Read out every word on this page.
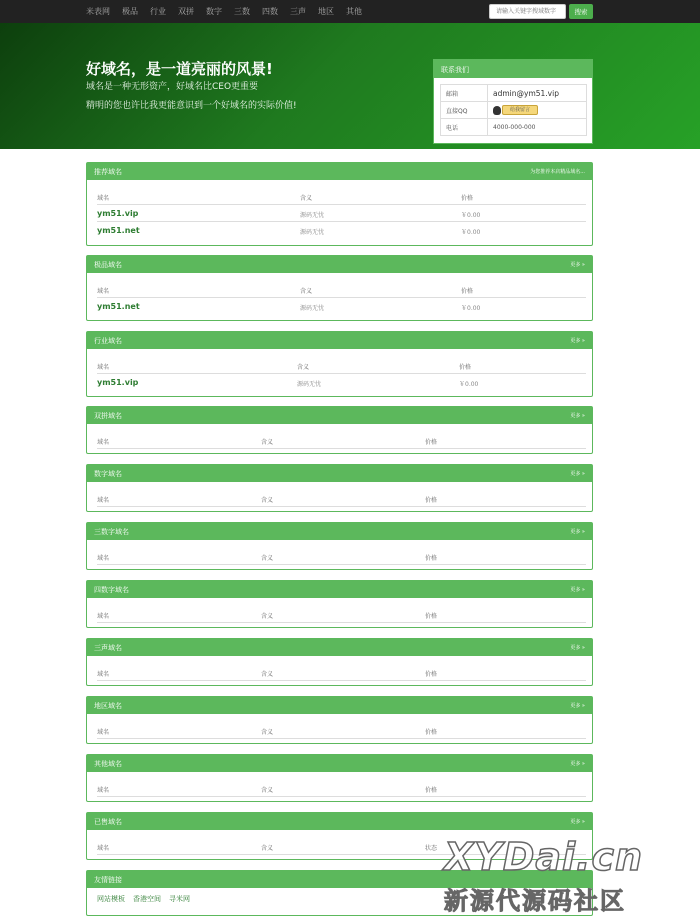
米表网 极品 行业 双拼 数字 三数 四数 三声 地区 其他
请输入关键字搜域数字	搜索
好域名，是一道亮丽的风景!
域名是一种无形资产，好域名比CEO更重要
精明的您也许比我更能意识到一个好域名的实际价值!
联系我们
邮箱	admin@ym51.vip
直接QQ	给我留言
电话	4000-000-000
推荐域名	为您推荐本店精品域名...
域名	含义	价格
ym51.vip	源码无忧	￥0.00
ym51.net	源码无忧	￥0.00
极品域名	更多 »
域名	含义	价格
ym51.net	源码无忧	￥0.00
行业域名	更多 »
域名	含义	价格
ym51.vip	源码无忧	￥0.00
双拼域名	更多 »
域名	含义	价格
数字域名	更多 »
域名	含义	价格
三数字域名	更多 »
域名	含义	价格
四数字域名	更多 »
域名	含义	价格
三声域名	更多 »
域名	含义	价格
地区域名	更多 »
域名	含义	价格
其他域名	更多 »
域名	含义	价格
已售域名	更多 »
域名	含义	状态
友情链接
网站模板 香港空间 寻米网
XYDai.cn
新源代源码社区
